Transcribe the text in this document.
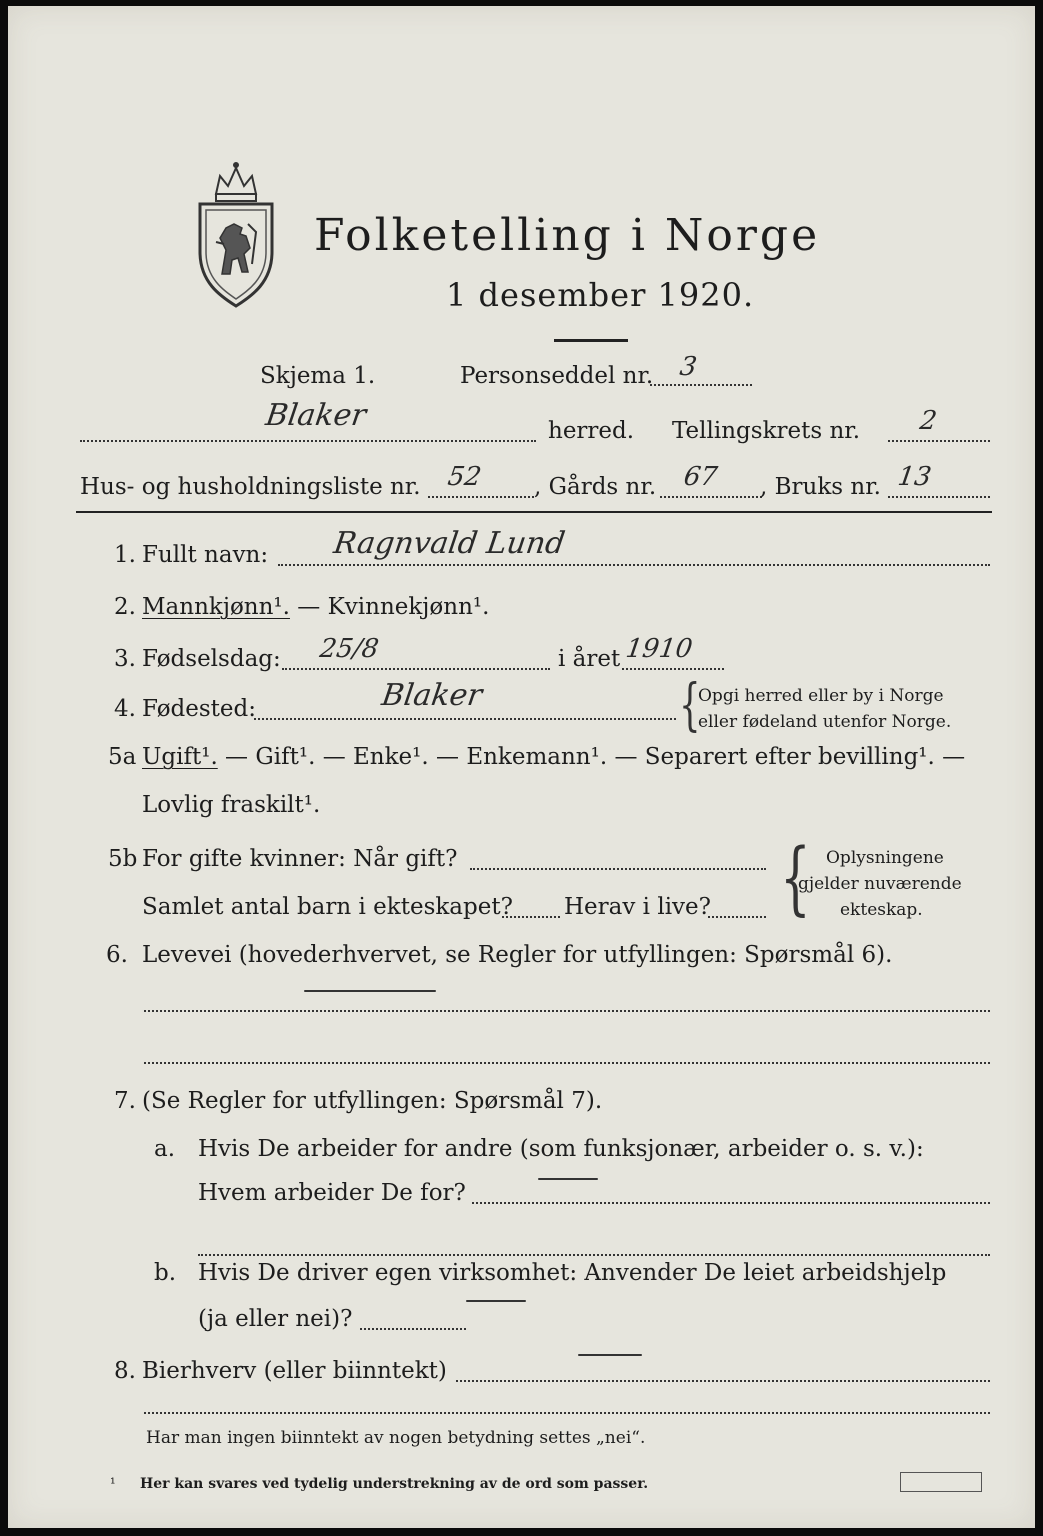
Folketelling i Norge
1 desember 1920.
Skjema 1.	Personseddel nr. 3
Blaker	herred. Tellingskrets nr. 2
Hus- og husholdningsliste nr. 52 , Gårds nr. 67 , Bruks nr. 13
1. Fullt navn: Ragnvald Lund
2. Mannkjønn¹. — Kvinnekjønn¹.
3. Fødselsdag: 25/8	i året 1910
4. Fødested:	Blaker	{
Opgi herred eller by i Norge
eller fødeland utenfor Norge.
5a Ugift¹. — Gift¹. — Enke¹. — Enkemann¹. — Separert efter bevilling¹. —
Lovlig fraskilt¹.
5b For gifte kvinner: Når gift?
Samlet antal barn i ekteskapet? Herav i live? { Oplysningene
gjelder nuværende
ekteskap.
6. Levevei (hovederhvervet, se Regler for utfyllingen: Spørsmål 6).
7. (Se Regler for utfyllingen: Spørsmål 7).
a. Hvis De arbeider for andre (som funksjonær, arbeider o. s. v.):
Hvem arbeider De for?
b. Hvis De driver egen virksomhet: Anvender De leiet arbeidshjelp
(ja eller nei)?
8. Bierhverv (eller biinntekt)
Har man ingen biinntekt av nogen betydning settes „nei“.
¹ Her kan svares ved tydelig understrekning av de ord som passer.
